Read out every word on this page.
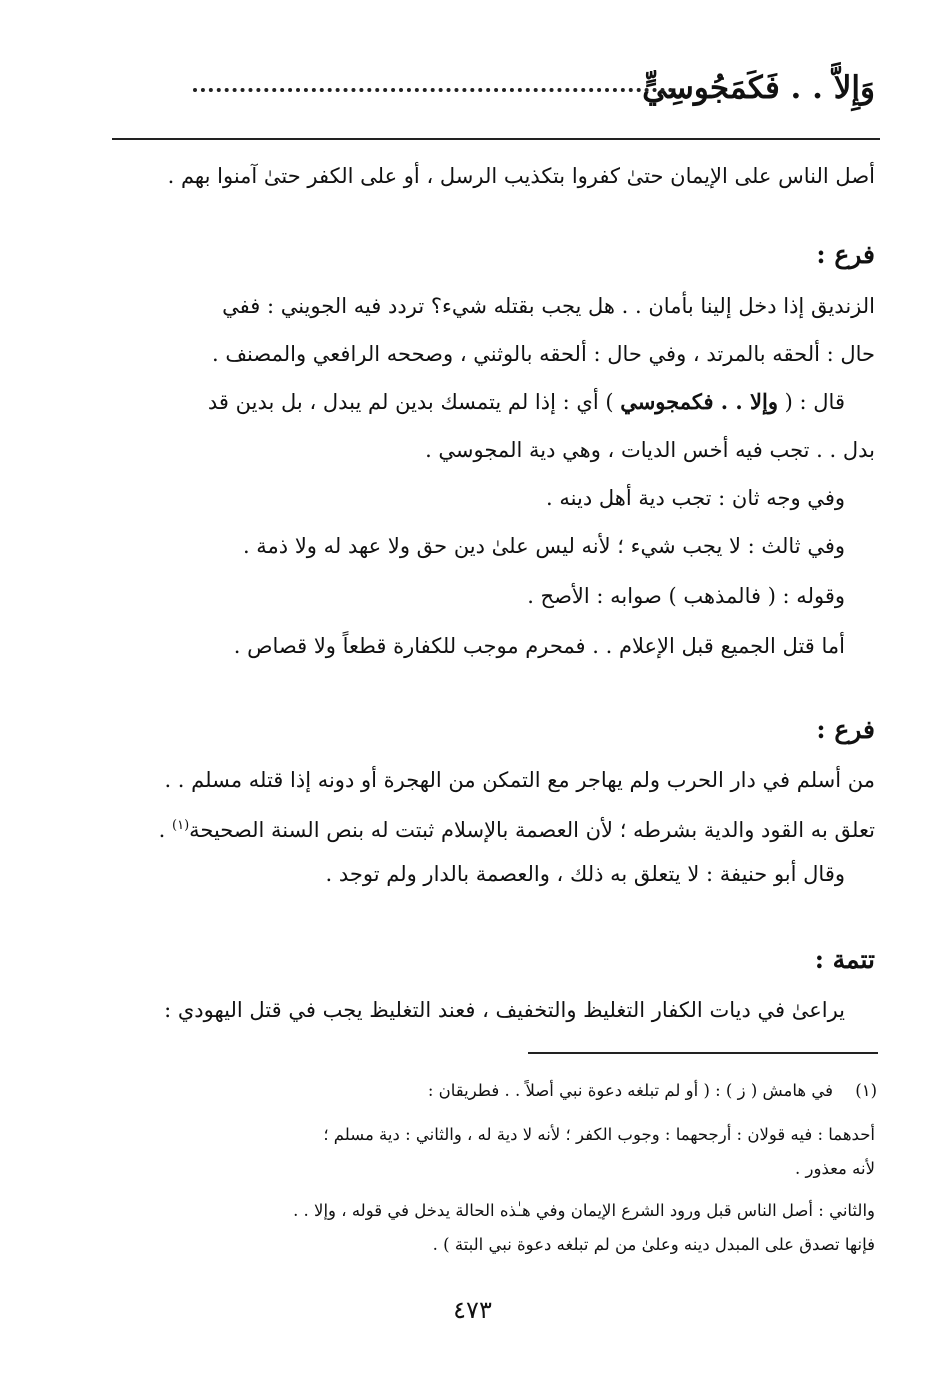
وَإِلاَّ . . فَكَمَجُوسِيٍّ
أصل الناس على الإيمان حتىٰ كفروا بتكذيب الرسل ، أو على الكفر حتىٰ آمنوا بهم .
فرع :
الزنديق إذا دخل إلينا بأمان . . هل يجب بقتله شيء؟ تردد فيه الجويني : ففي
حال : ألحقه بالمرتد ، وفي حال : ألحقه بالوثني ، وصححه الرافعي والمصنف .
قال : ( وإلا . . فكمجوسي ) أي : إذا لم يتمسك بدين لم يبدل ، بل بدين قد
بدل . . تجب فيه أخس الديات ، وهي دية المجوسي .
وفي وجه ثان : تجب دية أهل دينه .
وفي ثالث : لا يجب شيء ؛ لأنه ليس علىٰ دين حق ولا عهد له ولا ذمة .
وقوله : ( فالمذهب ) صوابه : الأصح .
أما قتل الجميع قبل الإعلام . . فمحرم موجب للكفارة قطعاً ولا قصاص .
فرع :
من أسلم في دار الحرب ولم يهاجر مع التمكن من الهجرة أو دونه إذا قتله مسلم . .
تعلق به القود والدية بشرطه ؛ لأن العصمة بالإسلام ثبتت له بنص السنة الصحيحة$^{(١)}$ .
وقال أبو حنيفة : لا يتعلق به ذلك ، والعصمة بالدار ولم توجد .
تتمة :
يراعىٰ في ديات الكفار التغليظ والتخفيف ، فعند التغليظ يجب في قتل اليهودي :
(١)
في هامش ( ز ) : ( أو لم تبلغه دعوة نبي أصلاً . . فطريقان :
أحدهما : فيه قولان : أرجحهما : وجوب الكفر ؛ لأنه لا دية له ، والثاني : دية مسلم ؛
لأنه معذور .
والثاني : أصل الناس قبل ورود الشرع الإيمان وفي هـٰذه الحالة يدخل في قوله ، وإلا . .
فإنها تصدق على المبدل دينه وعلىٰ من لم تبلغه دعوة نبي البتة ) .
٤٧٣
